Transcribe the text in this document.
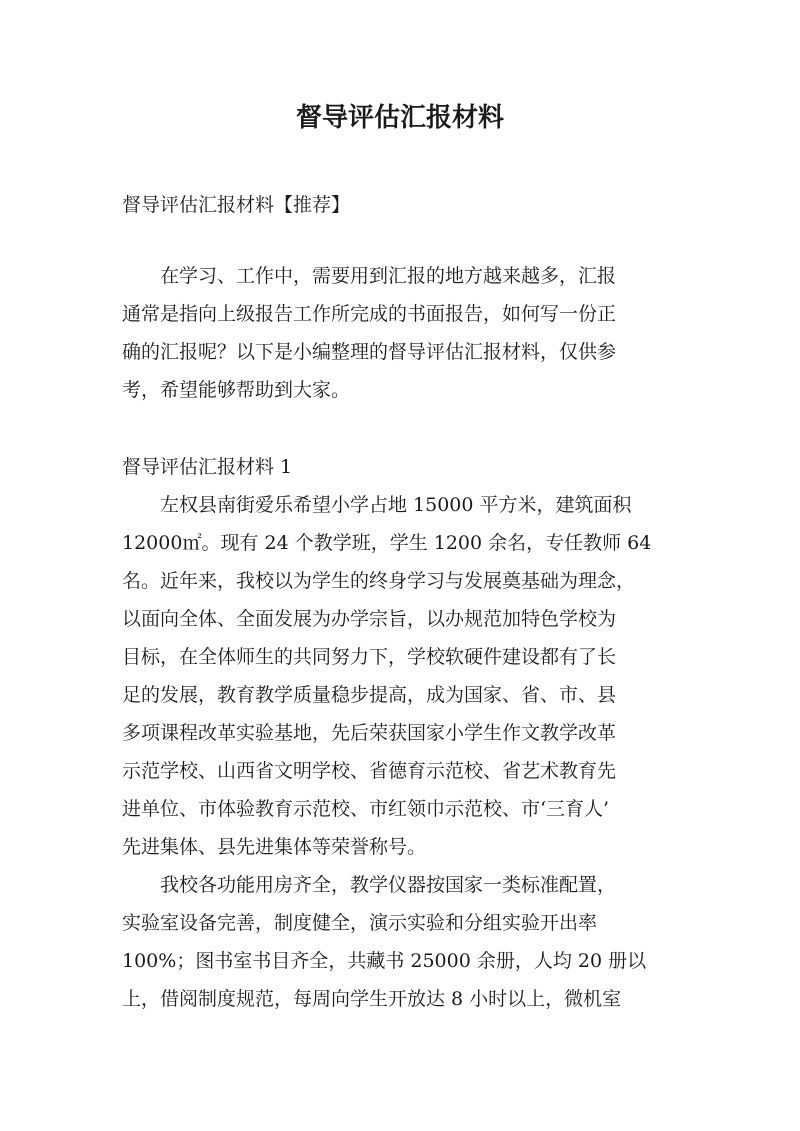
督导评估汇报材料

督导评估汇报材料【推荐】

　　在学习、工作中，需要用到汇报的地方越来越多，汇报
通常是指向上级报告工作所完成的书面报告，如何写一份正
确的汇报呢？以下是小编整理的督导评估汇报材料，仅供参
考，希望能够帮助到大家。

督导评估汇报材料 1

　　左权县南街爱乐希望小学占地 15000 平方米，建筑面积
12000㎡。现有 24 个教学班，学生 1200 余名，专任教师 64
名。近年来，我校以为学生的终身学习与发展奠基础为理念，
以面向全体、全面发展为办学宗旨，以办规范加特色学校为
目标，在全体师生的共同努力下，学校软硬件建设都有了长
足的发展，教育教学质量稳步提高，成为国家、省、市、县
多项课程改革实验基地，先后荣获国家小学生作文教学改革
示范学校、山西省文明学校、省德育示范校、省艺术教育先
进单位、市体验教育示范校、市红领巾示范校、市‘三育人’
先进集体、县先进集体等荣誉称号。
　　我校各功能用房齐全，教学仪器按国家一类标准配置，
实验室设备完善，制度健全，演示实验和分组实验开出率
100%；图书室书目齐全，共藏书 25000 余册，人均 20 册以
上，借阅制度规范，每周向学生开放达 8 小时以上，微机室
